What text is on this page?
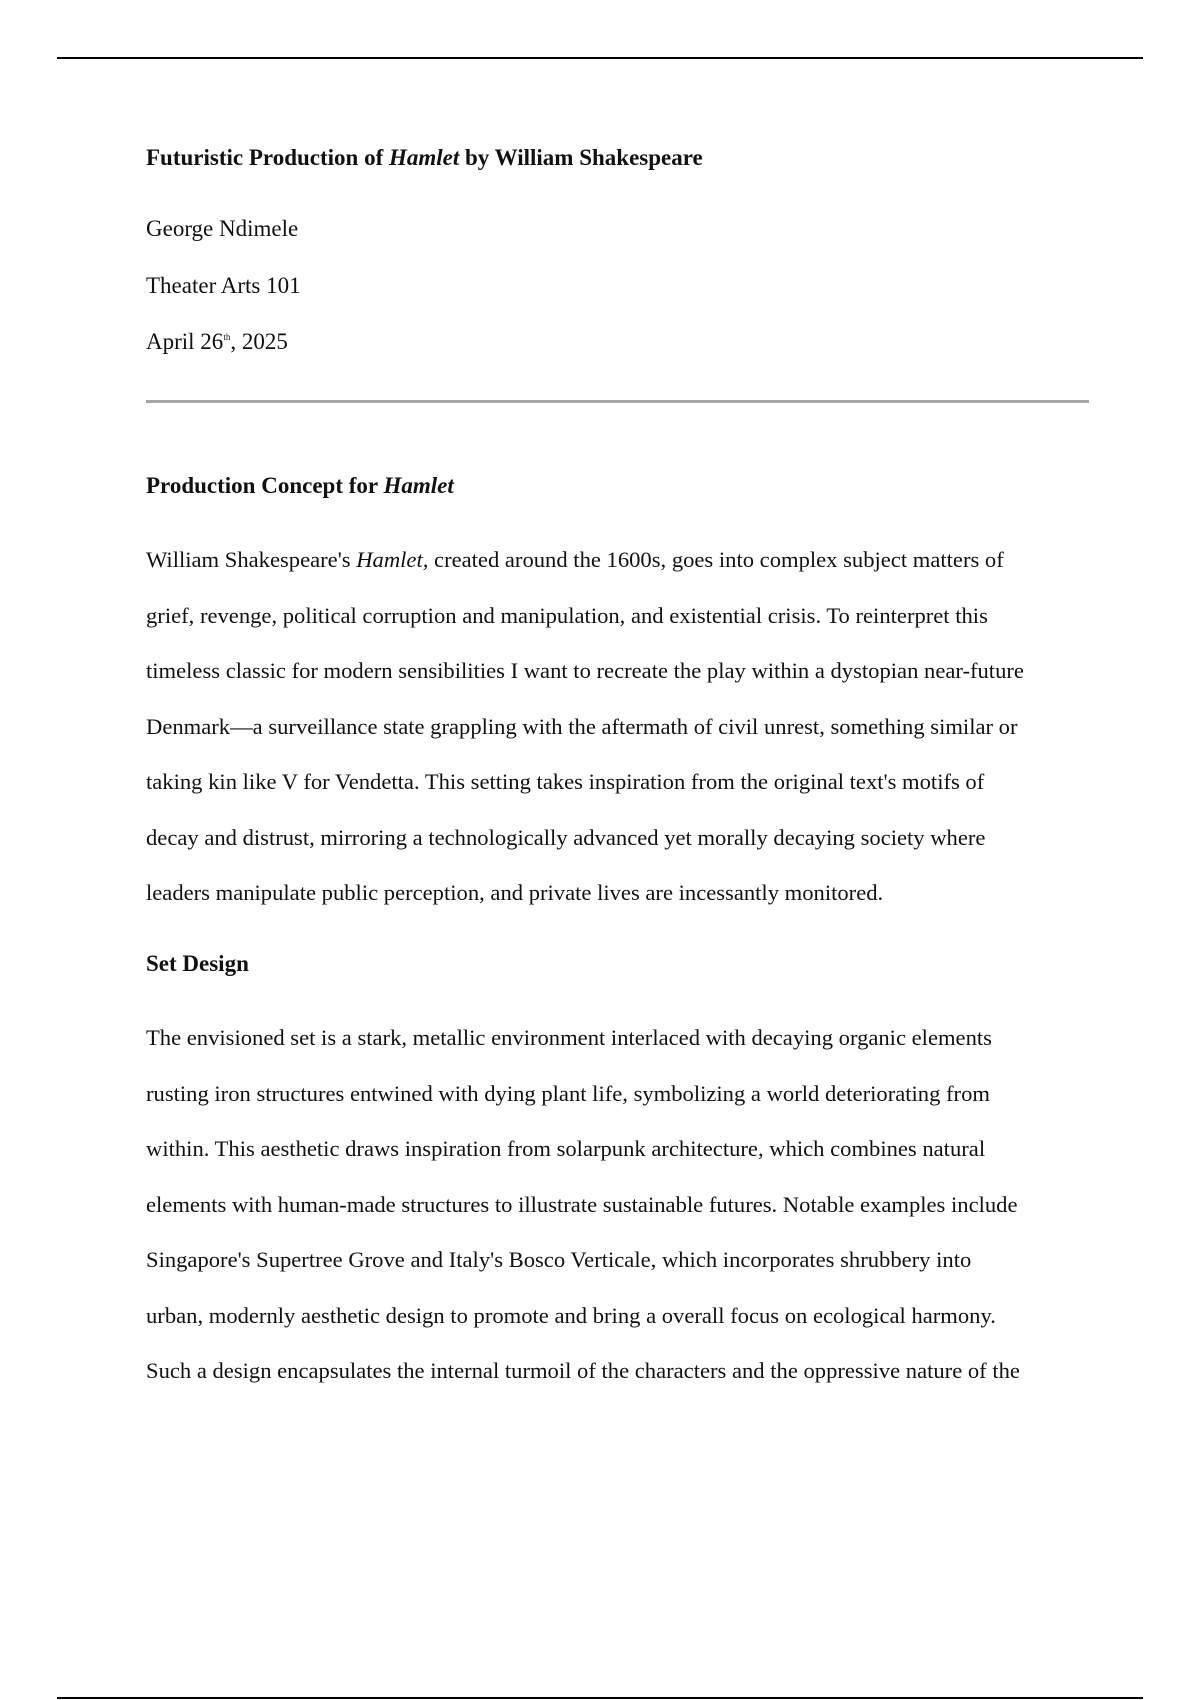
Futuristic Production of Hamlet by William Shakespeare
George Ndimele
Theater Arts 101
April 26th, 2025
Production Concept for Hamlet
William Shakespeare's Hamlet, created around the 1600s, goes into complex subject matters of
grief, revenge, political corruption and manipulation, and existential crisis. To reinterpret this
timeless classic for modern sensibilities I want to recreate the play within a dystopian near-future
Denmark—a surveillance state grappling with the aftermath of civil unrest, something similar or
taking kin like V for Vendetta. This setting takes inspiration from the original text's motifs of
decay and distrust, mirroring a technologically advanced yet morally decaying society where
leaders manipulate public perception, and private lives are incessantly monitored.
Set Design
The envisioned set is a stark, metallic environment interlaced with decaying organic elements
rusting iron structures entwined with dying plant life, symbolizing a world deteriorating from
within. This aesthetic draws inspiration from solarpunk architecture, which combines natural
elements with human-made structures to illustrate sustainable futures. Notable examples include
Singapore's Supertree Grove and Italy's Bosco Verticale, which incorporates shrubbery into
urban, modernly aesthetic design to promote and bring a overall focus on ecological harmony.
Such a design encapsulates the internal turmoil of the characters and the oppressive nature of the
